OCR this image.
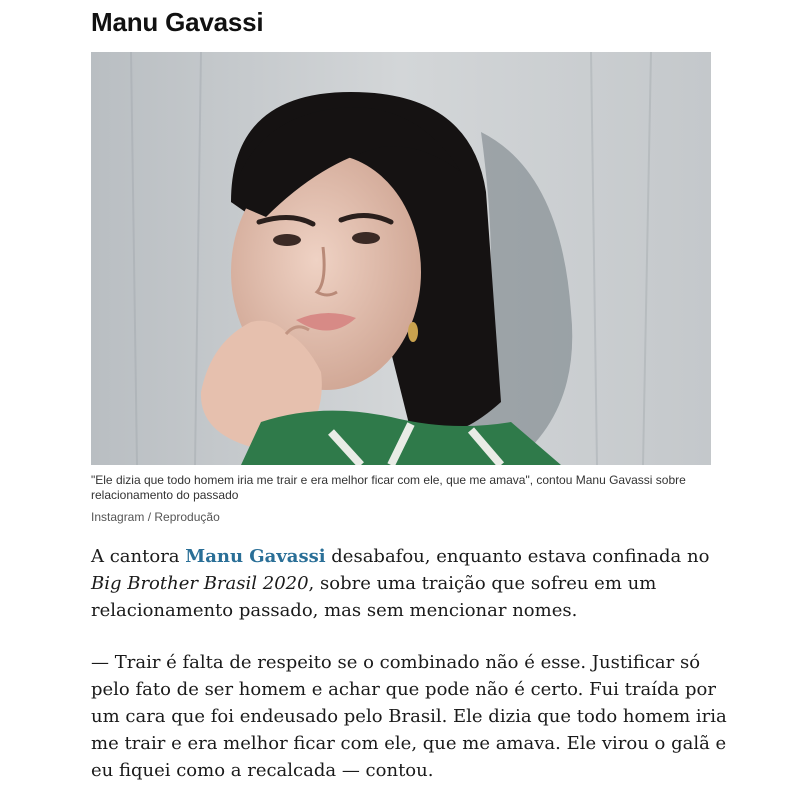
Manu Gavassi

"Ele dizia que todo homem iria me trair e era melhor ficar com ele, que me amava", contou Manu Gavassi sobre relacionamento do passado

Instagram / Reprodução

A cantora Manu Gavassi desabafou, enquanto estava confinada no Big Brother Brasil 2020, sobre uma traição que sofreu em um relacionamento passado, mas sem mencionar nomes.

— Trair é falta de respeito se o combinado não é esse. Justificar só pelo fato de ser homem e achar que pode não é certo. Fui traída por um cara que foi endeusado pelo Brasil. Ele dizia que todo homem iria me trair e era melhor ficar com ele, que me amava. Ele virou o galã e eu fiquei como a recalcada — contou.
